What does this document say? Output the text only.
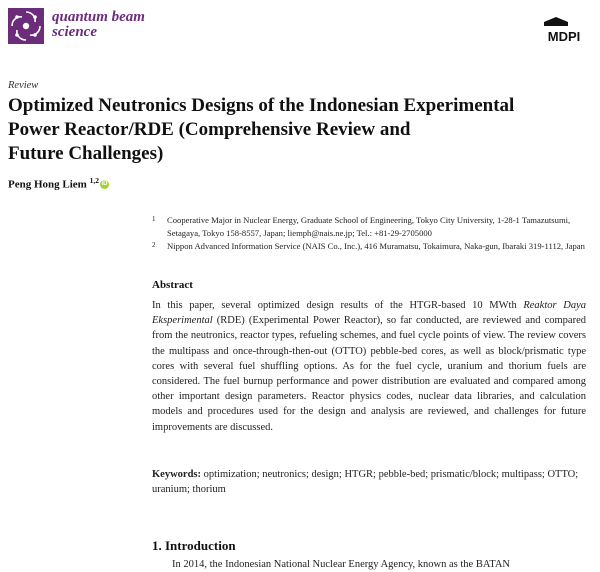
quantum beam
science	MDPI
Review
Optimized Neutronics Designs of the Indonesian Experimental
Power Reactor/RDE (Comprehensive Review and
Future Challenges)
Peng Hong Liem $^{1,2}$ iD
1	Cooperative Major in Nuclear Energy, Graduate School of Engineering, Tokyo City University, 1-28-1 Tamazutsumi, Setagaya, Tokyo 158-8557, Japan; liemph@nais.ne.jp; Tel.: +81-29-2705000
2	Nippon Advanced Information Service (NAIS Co., Inc.), 416 Muramatsu, Tokaimura, Naka-gun, Ibaraki 319-1112, Japan
Abstract

In this paper, several optimized design results of the HTGR-based 10 MWth Reaktor Daya Eksperimental (RDE) (Experimental Power Reactor), so far conducted, are reviewed and compared from the neutronics, reactor types, refueling schemes, and fuel cycle points of view. The review covers the multipass and once-through-then-out (OTTO) pebble-bed cores, as well as block/prismatic type cores with several fuel shuffling options. As for the fuel cycle, uranium and thorium fuels are considered. The fuel burnup performance and power distribution are evaluated and compared among other important design parameters. Reactor physics codes, nuclear data libraries, and calculation models and procedures used for the design and analysis are reviewed, and challenges for future improvements are discussed.

Keywords: optimization; neutronics; design; HTGR; pebble-bed; prismatic/block; multipass; OTTO; uranium; thorium

1. Introduction
In 2014, the Indonesian National Nuclear Energy Agency, known as the BATAN
